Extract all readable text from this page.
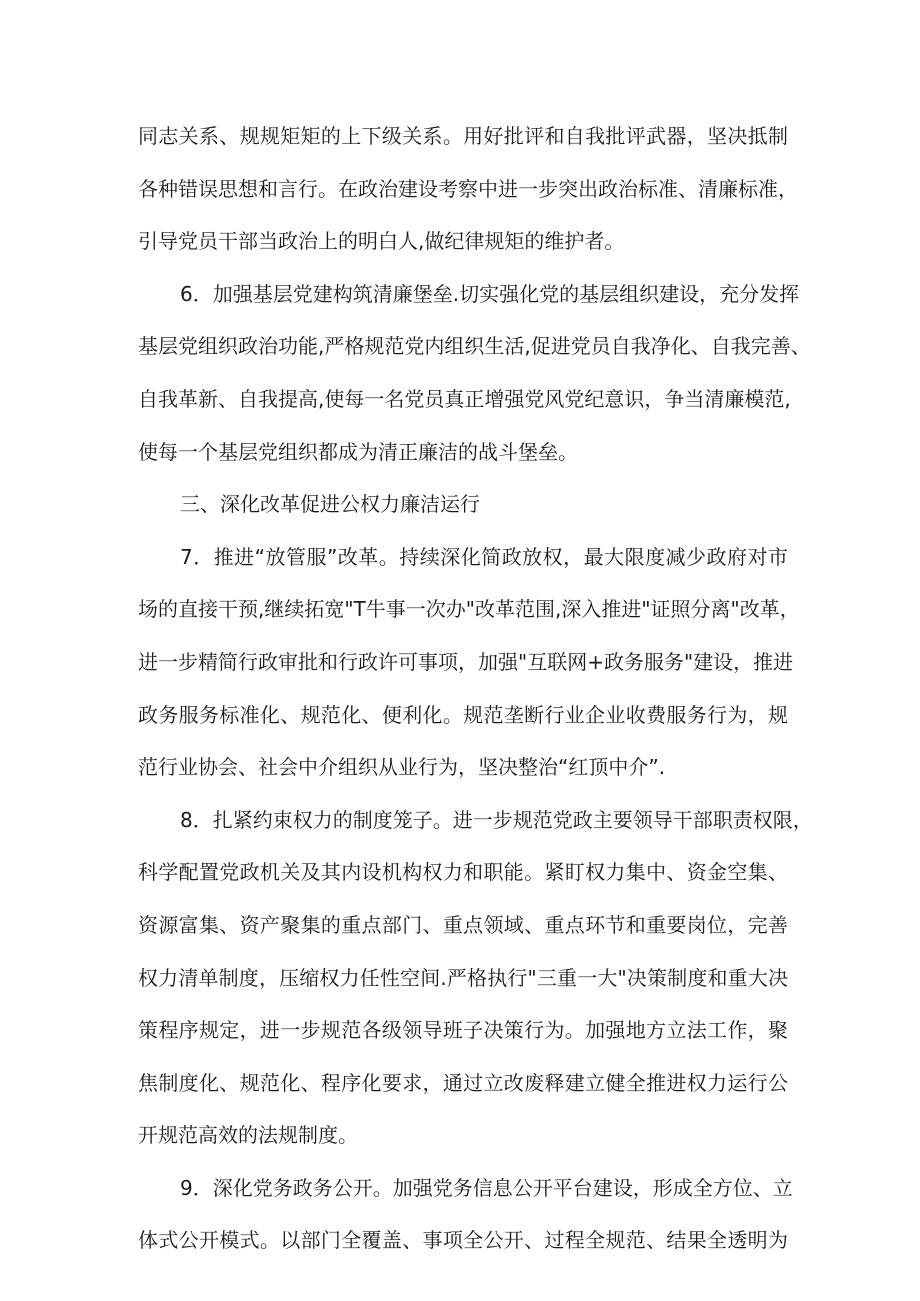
同志关系、规规矩矩的上下级关系。用好批评和自我批评武器，坚决抵制
各种错误思想和言行。在政治建设考察中进一步突出政治标准、清廉标准，
引导党员干部当政治上的明白人,做纪律规矩的维护者。
6．加强基层党建构筑清廉堡垒.切实强化党的基层组织建设，充分发挥
基层党组织政治功能,严格规范党内组织生活,促进党员自我净化、自我完善、
自我革新、自我提高,使每一名党员真正增强党风党纪意识，争当清廉模范,
使每一个基层党组织都成为清正廉洁的战斗堡垒。
三、深化改革促进公权力廉洁运行
7．推进“放管服”改革。持续深化简政放权，最大限度减少政府对市
场的直接干预,继续拓宽"T牛事一次办"改革范围,深入推进"证照分离"改革，
进一步精简行政审批和行政许可事项，加强"互联网+政务服务"建设，推进
政务服务标准化、规范化、便利化。规范垄断行业企业收费服务行为，规
范行业协会、社会中介组织从业行为，坚决整治“红顶中介”.
8．扎紧约束权力的制度笼子。进一步规范党政主要领导干部职责权限，
科学配置党政机关及其内设机构权力和职能。紧盯权力集中、资金空集、
资源富集、资产聚集的重点部门、重点领域、重点环节和重要岗位，完善
权力清单制度，压缩权力任性空间.严格执行"三重一大"决策制度和重大决
策程序规定，进一步规范各级领导班子决策行为。加强地方立法工作，聚
焦制度化、规范化、程序化要求，通过立改废释建立健全推进权力运行公
开规范高效的法规制度。
9．深化党务政务公开。加强党务信息公开平台建设，形成全方位、立
体式公开模式。以部门全覆盖、事项全公开、过程全规范、结果全透明为
